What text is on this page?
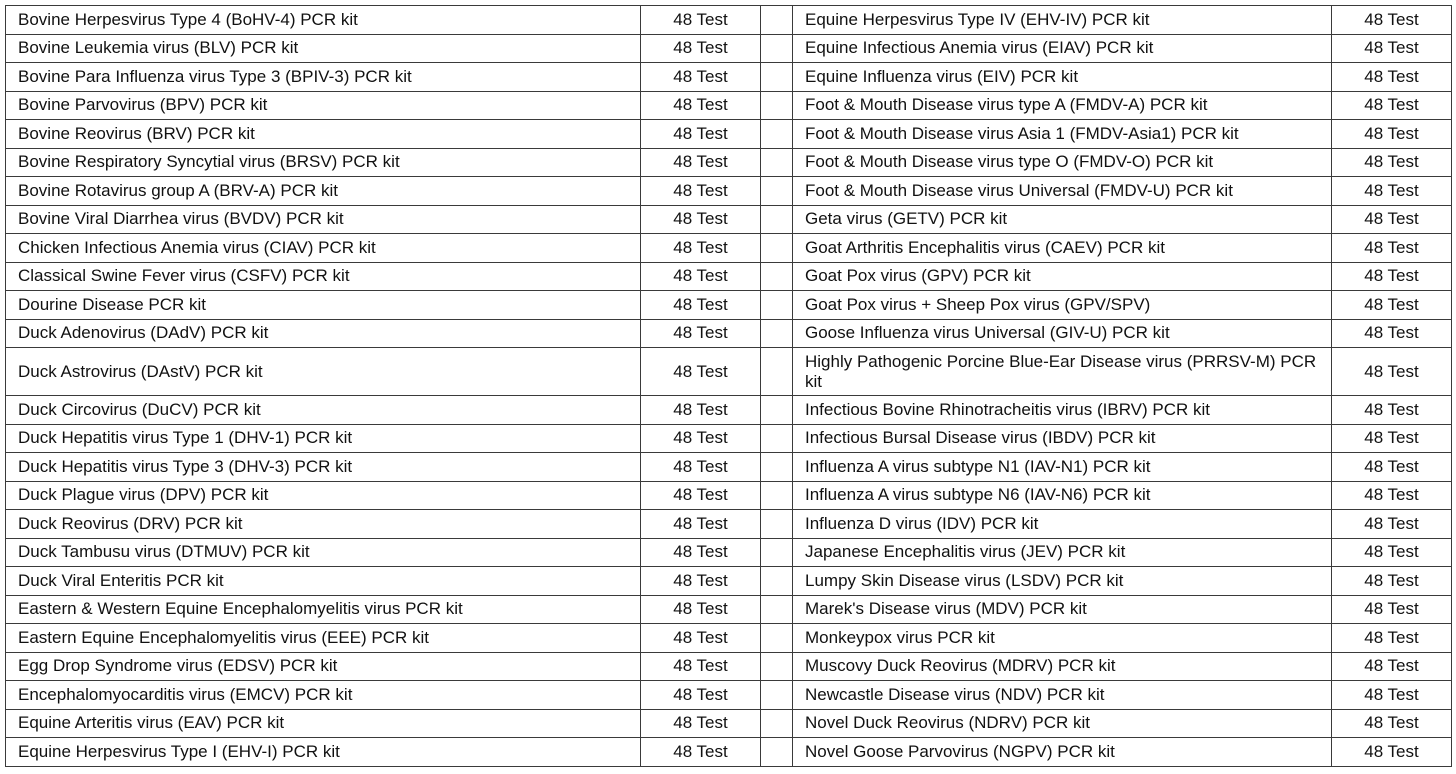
Bovine Herpesvirus Type 4 (BoHV-4) PCR kit	48 Test		Equine Herpesvirus Type IV (EHV-IV) PCR kit	48 Test
Bovine Leukemia virus (BLV) PCR kit	48 Test		Equine Infectious Anemia virus (EIAV) PCR kit	48 Test
Bovine Para Influenza virus Type 3 (BPIV-3) PCR kit	48 Test		Equine Influenza virus (EIV) PCR kit	48 Test
Bovine Parvovirus (BPV) PCR kit	48 Test		Foot & Mouth Disease virus type A (FMDV-A) PCR kit	48 Test
Bovine Reovirus (BRV) PCR kit	48 Test		Foot & Mouth Disease virus Asia 1 (FMDV-Asia1) PCR kit	48 Test
Bovine Respiratory Syncytial virus (BRSV) PCR kit	48 Test		Foot & Mouth Disease virus type O (FMDV-O) PCR kit	48 Test
Bovine Rotavirus group A (BRV-A) PCR kit	48 Test		Foot & Mouth Disease virus Universal (FMDV-U) PCR kit	48 Test
Bovine Viral Diarrhea virus (BVDV) PCR kit	48 Test		Geta virus (GETV) PCR kit	48 Test
Chicken Infectious Anemia virus (CIAV) PCR kit	48 Test		Goat Arthritis Encephalitis virus (CAEV) PCR kit	48 Test
Classical Swine Fever virus (CSFV) PCR kit	48 Test		Goat Pox virus (GPV) PCR kit	48 Test
Dourine Disease PCR kit	48 Test		Goat Pox virus + Sheep Pox virus (GPV/SPV)	48 Test
Duck Adenovirus (DAdV) PCR kit	48 Test		Goose Influenza virus Universal (GIV-U) PCR kit	48 Test
Duck Astrovirus (DAstV) PCR kit	48 Test		Highly Pathogenic Porcine Blue-Ear Disease virus (PRRSV-M) PCR kit	48 Test
Duck Circovirus (DuCV) PCR kit	48 Test		Infectious Bovine Rhinotracheitis virus (IBRV) PCR kit	48 Test
Duck Hepatitis virus Type 1 (DHV-1) PCR kit	48 Test		Infectious Bursal Disease virus (IBDV) PCR kit	48 Test
Duck Hepatitis virus Type 3 (DHV-3) PCR kit	48 Test		Influenza A virus subtype N1 (IAV-N1) PCR kit	48 Test
Duck Plague virus (DPV) PCR kit	48 Test		Influenza A virus subtype N6 (IAV-N6) PCR kit	48 Test
Duck Reovirus (DRV) PCR kit	48 Test		Influenza D virus (IDV) PCR kit	48 Test
Duck Tambusu virus (DTMUV) PCR kit	48 Test		Japanese Encephalitis virus (JEV) PCR kit	48 Test
Duck Viral Enteritis PCR kit	48 Test		Lumpy Skin Disease virus (LSDV) PCR kit	48 Test
Eastern & Western Equine Encephalomyelitis virus PCR kit	48 Test		Marek's Disease virus (MDV) PCR kit	48 Test
Eastern Equine Encephalomyelitis virus (EEE) PCR kit	48 Test		Monkeypox virus PCR kit	48 Test
Egg Drop Syndrome virus (EDSV) PCR kit	48 Test		Muscovy Duck Reovirus (MDRV) PCR kit	48 Test
Encephalomyocarditis virus (EMCV) PCR kit	48 Test		Newcastle Disease virus (NDV) PCR kit	48 Test
Equine Arteritis virus (EAV) PCR kit	48 Test		Novel Duck Reovirus (NDRV) PCR kit	48 Test
Equine Herpesvirus Type I (EHV-I) PCR kit	48 Test		Novel Goose Parvovirus (NGPV) PCR kit	48 Test
